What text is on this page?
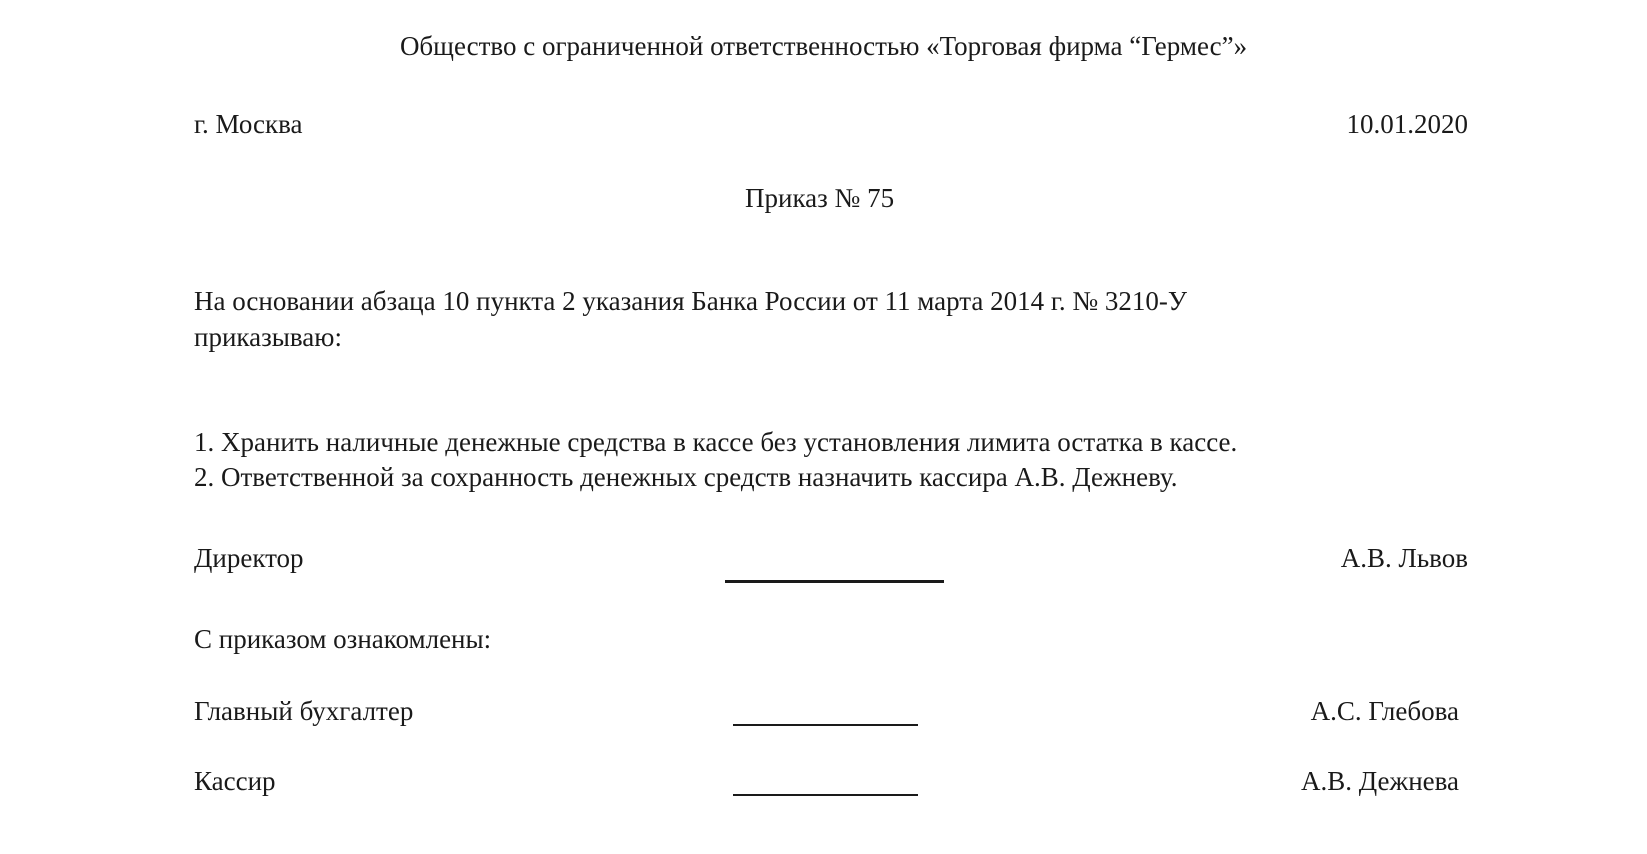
Общество с ограниченной ответственностью «Торговая фирма “Гермес”»
г. Москва	10.01.2020
Приказ № 75
На основании абзаца 10 пункта 2 указания Банка России от 11 марта 2014 г. № 3210-У
приказываю:
1. Хранить наличные денежные средства в кассе без установления лимита остатка в кассе.
2. Ответственной за сохранность денежных средств назначить кассира А.В. Дежневу.
Директор	А.В. Львов
С приказом ознакомлены:
Главный бухгалтер	А.С. Глебова
Кассир	А.В. Дежнева
